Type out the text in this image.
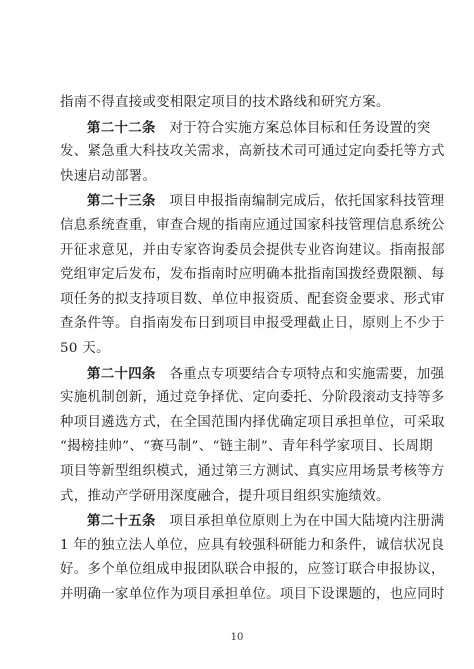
指南不得直接或变相限定项目的技术路线和研究方案。
第二十二条 对于符合实施方案总体目标和任务设置的突
发、紧急重大科技攻关需求，高新技术司可通过定向委托等方式
快速启动部署。
第二十三条 项目申报指南编制完成后，依托国家科技管理
信息系统查重，审查合规的指南应通过国家科技管理信息系统公
开征求意见，并由专家咨询委员会提供专业咨询建议。指南报部
党组审定后发布，发布指南时应明确本批指南国拨经费限额、每
项任务的拟支持项目数、单位申报资质、配套资金要求、形式审
查条件等。自指南发布日到项目申报受理截止日，原则上不少于
50 天。
第二十四条 各重点专项要结合专项特点和实施需要，加强
实施机制创新，通过竞争择优、定向委托、分阶段滚动支持等多
种项目遴选方式，在全国范围内择优确定项目承担单位，可采取
“揭榜挂帅”、“赛马制”、“链主制”、青年科学家项目、长周期
项目等新型组织模式，通过第三方测试、真实应用场景考核等方
式，推动产学研用深度融合，提升项目组织实施绩效。
第二十五条 项目承担单位原则上为在中国大陆境内注册满
1 年的独立法人单位，应具有较强科研能力和条件，诚信状况良
好。多个单位组成申报团队联合申报的，应签订联合申报协议，
并明确一家单位作为项目承担单位。项目下设课题的，也应同时
10
